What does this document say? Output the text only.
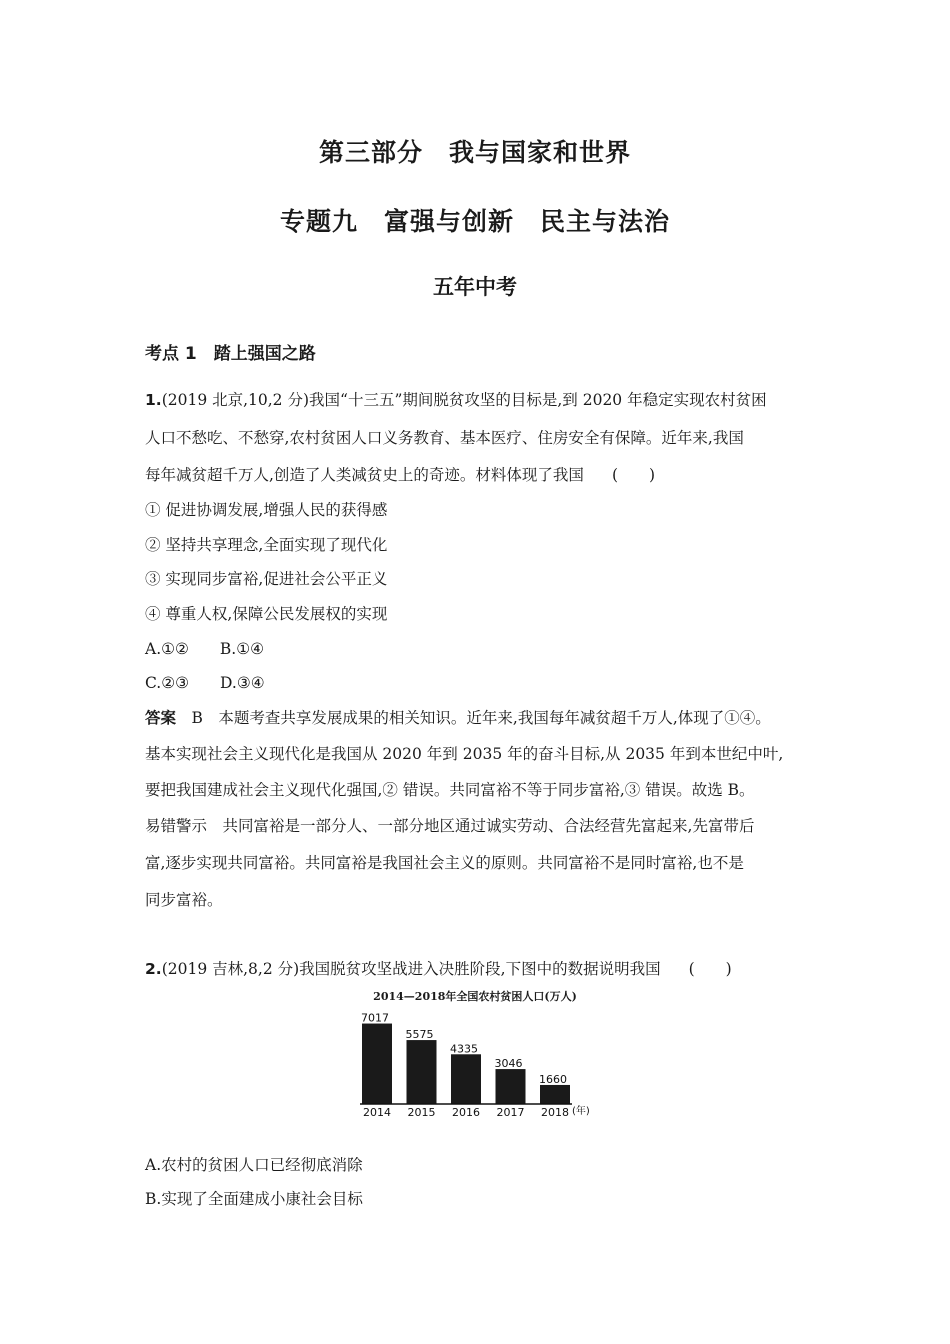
第三部分　我与国家和世界
专题九　富强与创新　民主与法治
五年中考
考点 1　踏上强国之路
1.(2019 北京,10,2 分)我国“十三五”期间脱贫攻坚的目标是,到 2020 年稳定实现农村贫困
人口不愁吃、不愁穿,农村贫困人口义务教育、基本医疗、住房安全有保障。近年来,我国
每年减贫超千万人,创造了人类减贫史上的奇迹。材料体现了我国 (　　)
① 促进协调发展,增强人民的获得感
② 坚持共享理念,全面实现了现代化
③ 实现同步富裕,促进社会公平正义
④ 尊重人权,保障公民发展权的实现
A.①②　　B.①④
C.②③　　D.③④
答案　B　本题考查共享发展成果的相关知识。近年来,我国每年减贫超千万人,体现了①④。
基本实现社会主义现代化是我国从 2020 年到 2035 年的奋斗目标,从 2035 年到本世纪中叶,
要把我国建成社会主义现代化强国,② 错误。共同富裕不等于同步富裕,③ 错误。故选 B。
易错警示　共同富裕是一部分人、一部分地区通过诚实劳动、合法经营先富起来,先富带后
富,逐步实现共同富裕。共同富裕是我国社会主义的原则。共同富裕不是同时富裕,也不是
同步富裕。
2.(2019 吉林,8,2 分)我国脱贫攻坚战进入决胜阶段,下图中的数据说明我国 (　　)
2014—2018年全国农村贫困人口(万人)
7017
2014
5575
2015
4335
2016
3046
2017
1660
2018 (年)
A.农村的贫困人口已经彻底消除
B.实现了全面建成小康社会目标
